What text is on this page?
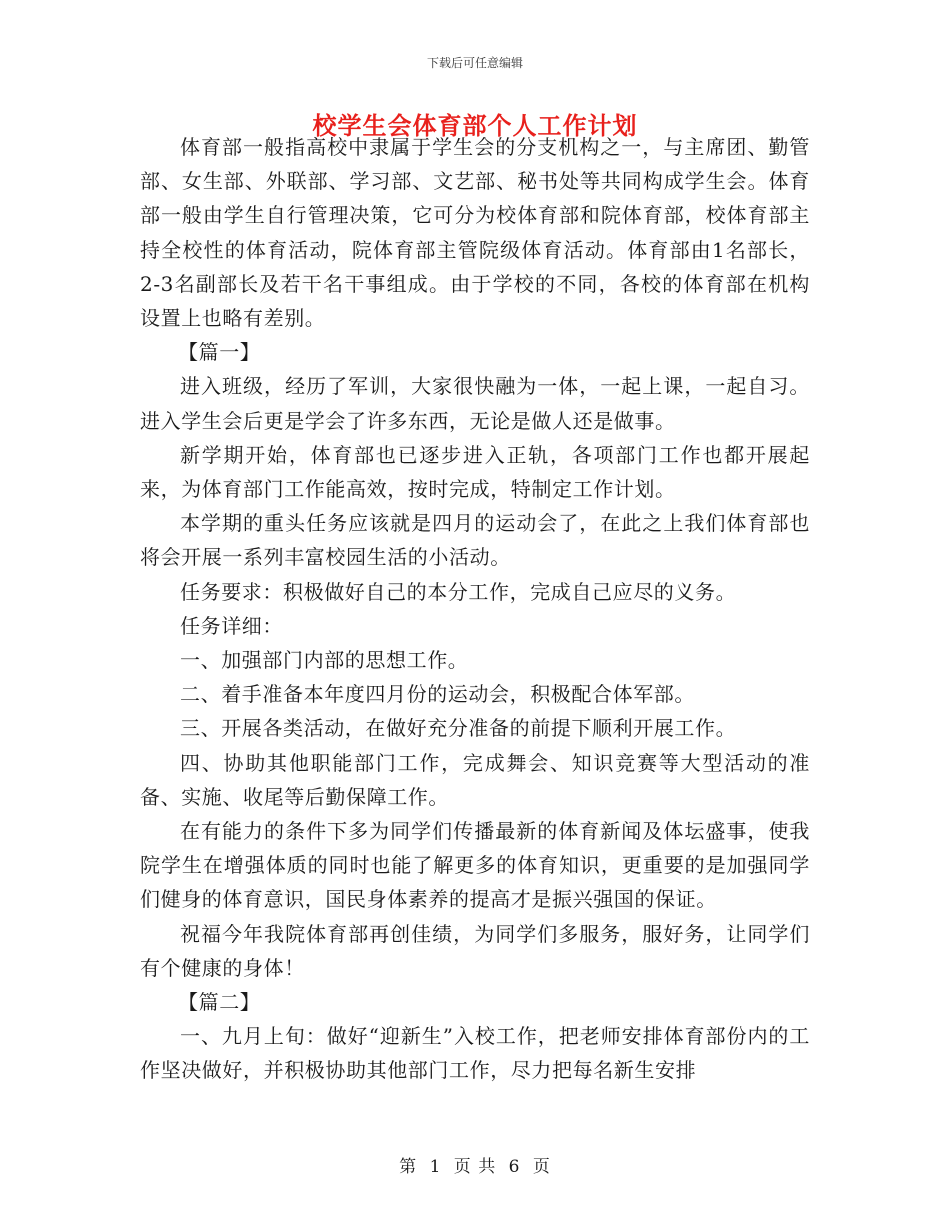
下载后可任意编辑

体育部一般指高校中隶属于学生会的分支机构之一，与主席团、勤管部、女生部、外联部、学习部、文艺部、秘书处等共同构成学生会。体育部一般由学生自行管理决策，它可分为校体育部和院体育部，校体育部主持全校性的体育活动，院体育部主管院级体育活动。体育部由1名部长，2-3名副部长及若干名干事组成。由于学校的不同，各校的体育部在机构设置上也略有差别。

【篇一】

进入班级，经历了军训，大家很快融为一体，一起上课，一起自习。进入学生会后更是学会了许多东西，无论是做人还是做事。

新学期开始，体育部也已逐步进入正轨，各项部门工作也都开展起来，为体育部门工作能高效，按时完成，特制定工作计划。

本学期的重头任务应该就是四月的运动会了，在此之上我们体育部也将会开展一系列丰富校园生活的小活动。

任务要求：积极做好自己的本分工作，完成自己应尽的义务。

任务详细：

一、加强部门内部的思想工作。

二、着手准备本年度四月份的运动会，积极配合体军部。

三、开展各类活动，在做好充分准备的前提下顺利开展工作。

四、协助其他职能部门工作，完成舞会、知识竞赛等大型活动的准备、实施、收尾等后勤保障工作。

在有能力的条件下多为同学们传播最新的体育新闻及体坛盛事，使我院学生在增强体质的同时也能了解更多的体育知识，更重要的是加强同学们健身的体育意识，国民身体素养的提高才是振兴强国的保证。

祝福今年我院体育部再创佳绩，为同学们多服务，服好务，让同学们有个健康的身体！

【篇二】

一、九月上旬：做好“迎新生”入校工作，把老师安排体育部份内的工作坚决做好，并积极协助其他部门工作，尽力把每名新生安排

校学生会体育部个人工作计划
第 1 页 共 6 页
